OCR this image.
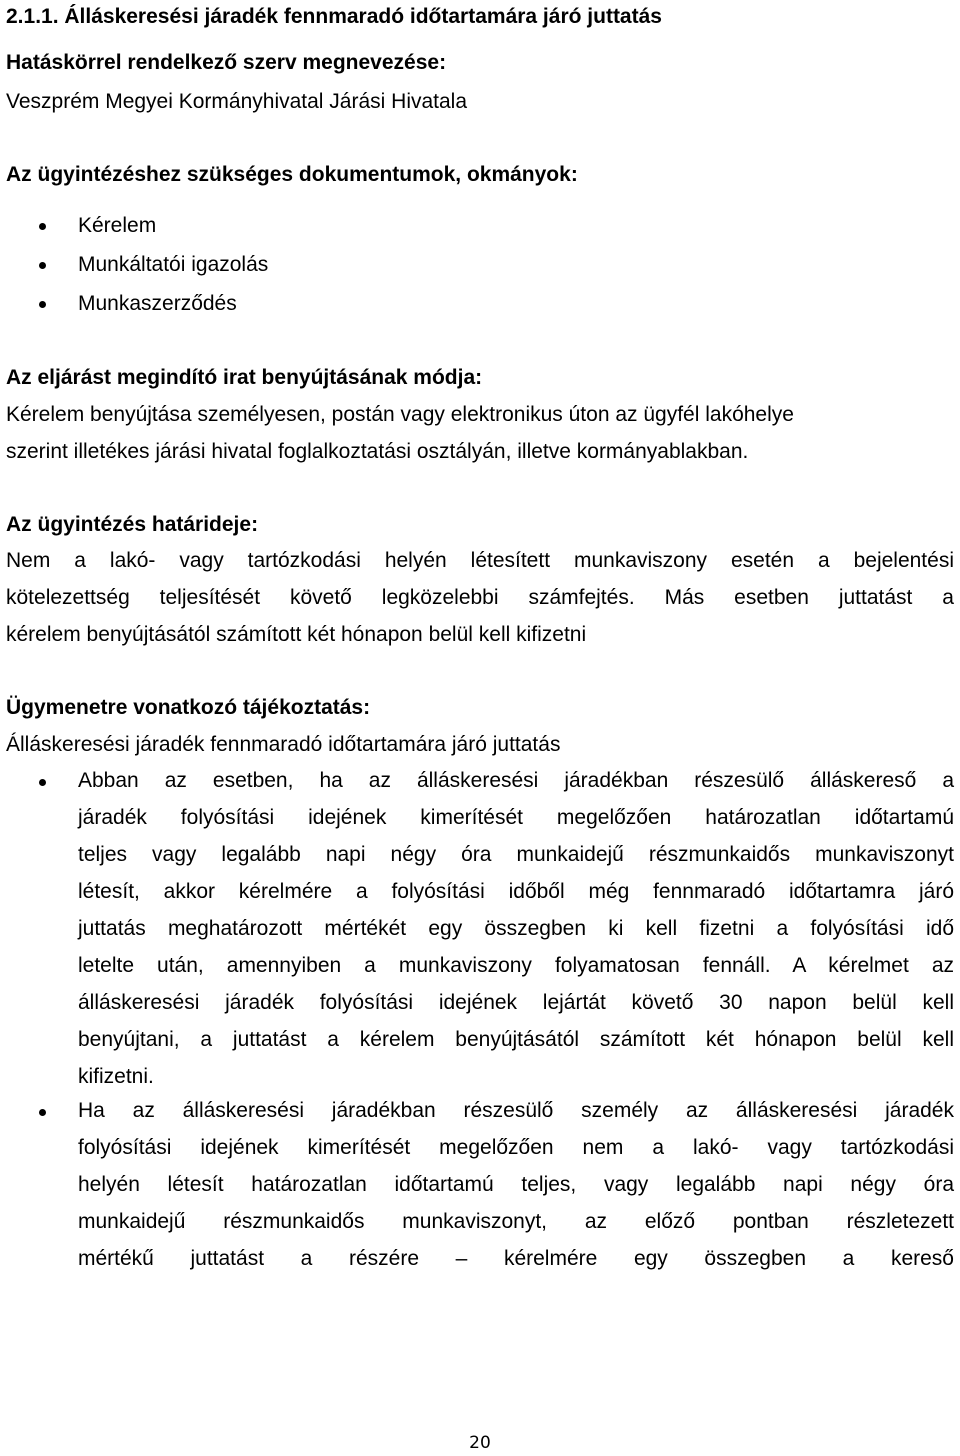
2.1.1. Álláskeresési járadék fennmaradó időtartamára járó juttatás
Hatáskörrel rendelkező szerv megnevezése:
Veszprém Megyei Kormányhivatal Járási Hivatala
Az ügyintézéshez szükséges dokumentumok, okmányok:
Kérelem
Munkáltatói igazolás
Munkaszerződés
Az eljárást megindító irat benyújtásának módja:
Kérelem benyújtása személyesen, postán vagy elektronikus úton az ügyfél lakóhelye
szerint illetékes járási hivatal foglalkoztatási osztályán, illetve kormányablakban.
Az ügyintézés határideje:
Nem a lakó- vagy tartózkodási helyén létesített munkaviszony esetén a bejelentési
kötelezettség teljesítését követő legközelebbi számfejtés. Más esetben juttatást a
kérelem benyújtásától számított két hónapon belül kell kifizetni
Ügymenetre vonatkozó tájékoztatás:
Álláskeresési járadék fennmaradó időtartamára járó juttatás
Abban az esetben, ha az álláskeresési járadékban részesülő álláskereső a
járadék folyósítási idejének kimerítését megelőzően határozatlan időtartamú
teljes vagy legalább napi négy óra munkaidejű részmunkaidős munkaviszonyt
létesít, akkor kérelmére a folyósítási időből még fennmaradó időtartamra járó
juttatás meghatározott mértékét egy összegben ki kell fizetni a folyósítási idő
letelte után, amennyiben a munkaviszony folyamatosan fennáll. A kérelmet az
álláskeresési járadék folyósítási idejének lejártát követő 30 napon belül kell
benyújtani, a juttatást a kérelem benyújtásától számított két hónapon belül kell
kifizetni.
Ha az álláskeresési járadékban részesülő személy az álláskeresési járadék
folyósítási idejének kimerítését megelőzően nem a lakó- vagy tartózkodási
helyén létesít határozatlan időtartamú teljes, vagy legalább napi négy óra
munkaidejű részmunkaidős munkaviszonyt, az előző pontban részletezett
mértékű juttatást a részére – kérelmére egy összegben a kereső
20
